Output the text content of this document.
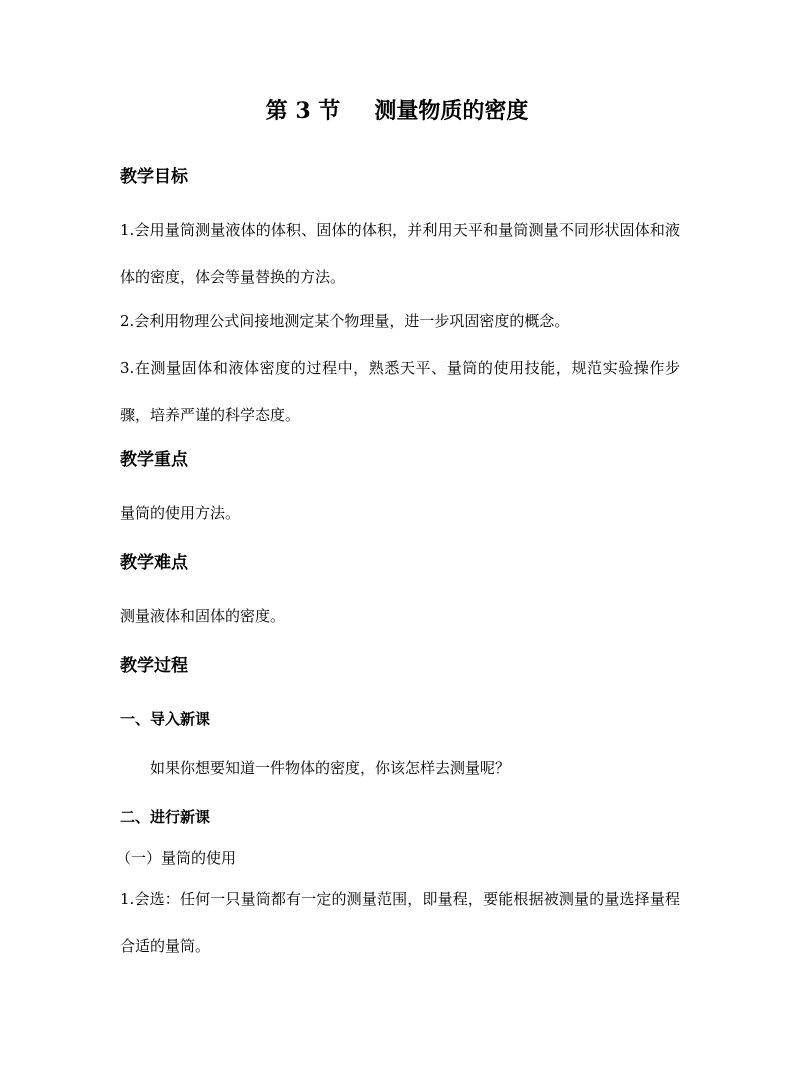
第 3 节 测量物质的密度
教学目标
1.会用量筒测量液体的体积、固体的体积，并利用天平和量筒测量不同形状固体和液体的密度，体会等量替换的方法。
2.会利用物理公式间接地测定某个物理量，进一步巩固密度的概念。
3.在测量固体和液体密度的过程中，熟悉天平、量筒的使用技能，规范实验操作步骤，培养严谨的科学态度。
教学重点
量筒的使用方法。
教学难点
测量液体和固体的密度。
教学过程
一、导入新课
如果你想要知道一件物体的密度，你该怎样去测量呢？
二、进行新课
（一）量筒的使用
1.会选：任何一只量筒都有一定的测量范围，即量程，要能根据被测量的量选择量程合适的量筒。
